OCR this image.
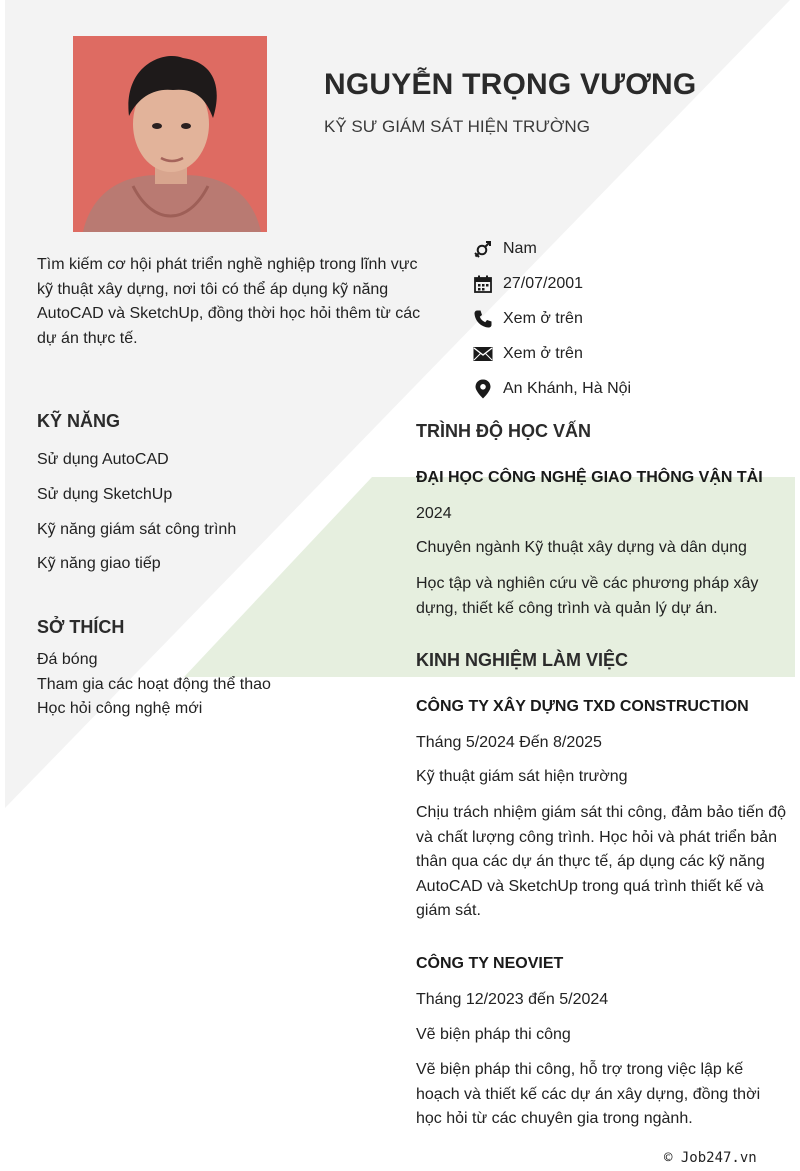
NGUYỄN TRỌNG VƯƠNG
KỸ SƯ GIÁM SÁT HIỆN TRƯỜNG
Tìm kiếm cơ hội phát triển nghề nghiệp trong lĩnh vực kỹ thuật xây dựng, nơi tôi có thể áp dụng kỹ năng AutoCAD và SketchUp, đồng thời học hỏi thêm từ các dự án thực tế.
Nam
27/07/2001
Xem ở trên
Xem ở trên
An Khánh, Hà Nội
KỸ NĂNG
Sử dụng AutoCAD
Sử dụng SketchUp
Kỹ năng giám sát công trình
Kỹ năng giao tiếp
SỞ THÍCH
Đá bóng
Tham gia các hoạt động thể thao
Học hỏi công nghệ mới
TRÌNH ĐỘ HỌC VẤN
ĐẠI HỌC CÔNG NGHỆ GIAO THÔNG VẬN TẢI
2024
Chuyên ngành Kỹ thuật xây dựng và dân dụng
Học tập và nghiên cứu về các phương pháp xây dựng, thiết kế công trình và quản lý dự án.
KINH NGHIỆM LÀM VIỆC
CÔNG TY XÂY DỰNG TXD CONSTRUCTION
Tháng 5/2024 Đến 8/2025
Kỹ thuật giám sát hiện trường
Chịu trách nhiệm giám sát thi công, đảm bảo tiến độ và chất lượng công trình. Học hỏi và phát triển bản thân qua các dự án thực tế, áp dụng các kỹ năng AutoCAD và SketchUp trong quá trình thiết kế và giám sát.
CÔNG TY NEOVIET
Tháng 12/2023 đến 5/2024
Vẽ biện pháp thi công
Vẽ biện pháp thi công, hỗ trợ trong việc lập kế hoạch và thiết kế các dự án xây dựng, đồng thời học hỏi từ các chuyên gia trong ngành.
© Job247.vn
